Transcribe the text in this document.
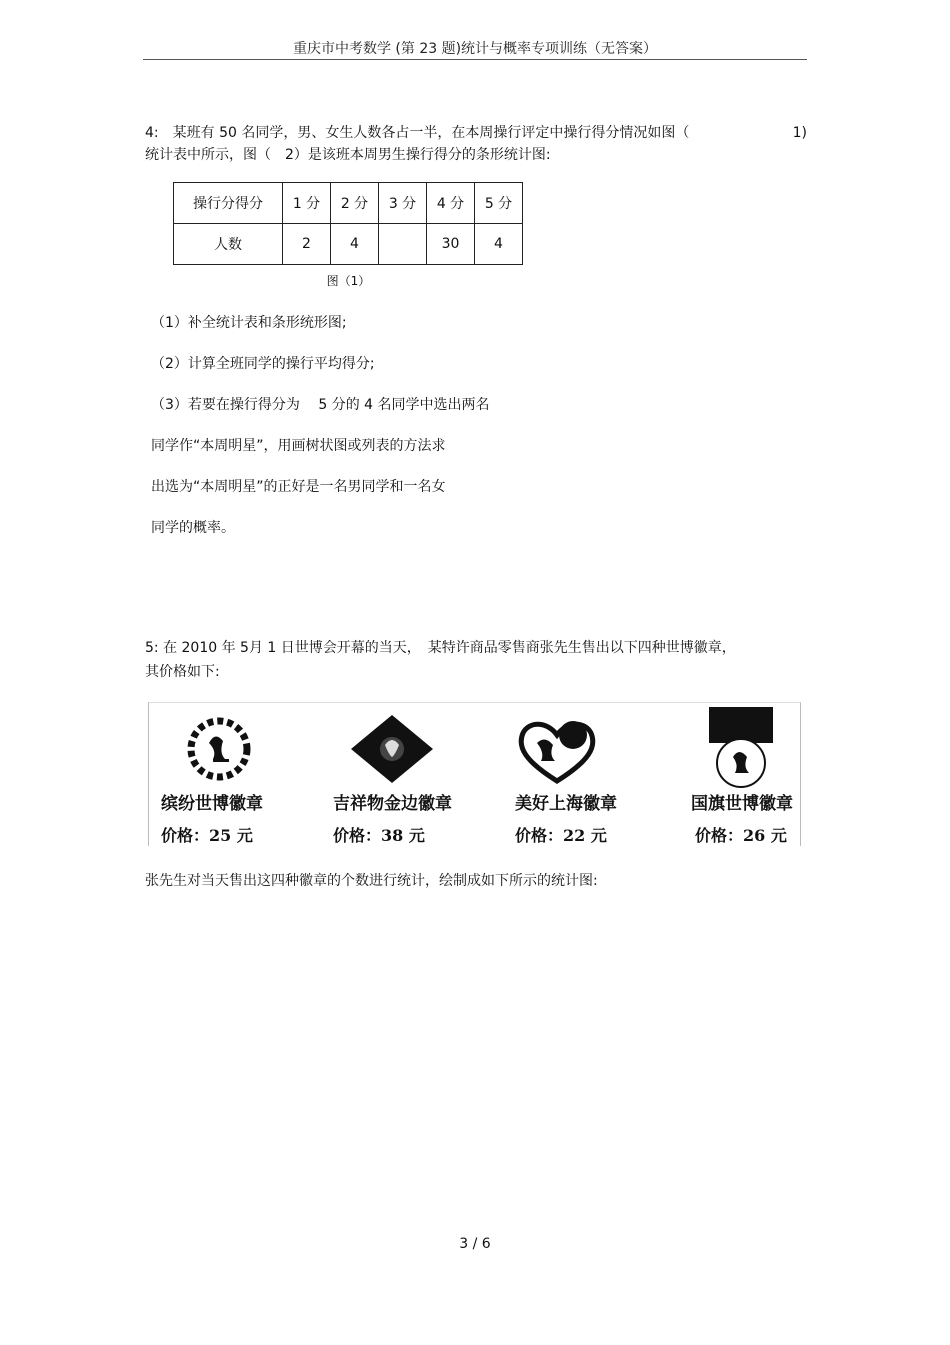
重庆市中考数学 (第 23 题)统计与概率专项训练（无答案）
4:　某班有 50 名同学，男、女生人数各占一半，在本周操行评定中操行得分情况如图（	1)
统计表中所示，图（　2）是该班本周男生操行得分的条形统计图:
操行分得分	1 分	2 分	3 分	4 分	5 分
人数	2	4		30	4
图（1）
（1）补全统计表和条形统形图;
（2）计算全班同学的操行平均得分;
（3）若要在操行得分为　 5 分的 4 名同学中选出两名
同学作“本周明星”，用画树状图或列表的方法求
出选为“本周明星”的正好是一名男同学和一名女
同学的概率。
5: 在 2010 年 5月 1 日世博会开幕的当天，　某特许商品零售商张先生售出以下四种世博徽章，
其价格如下:
缤纷世博徽章
价格：25 元
吉祥物金边徽章
价格：38 元
美好上海徽章
价格：22 元
国旗世博徽章
价格：26 元
张先生对当天售出这四种徽章的个数进行统计，绘制成如下所示的统计图:
3 / 6
